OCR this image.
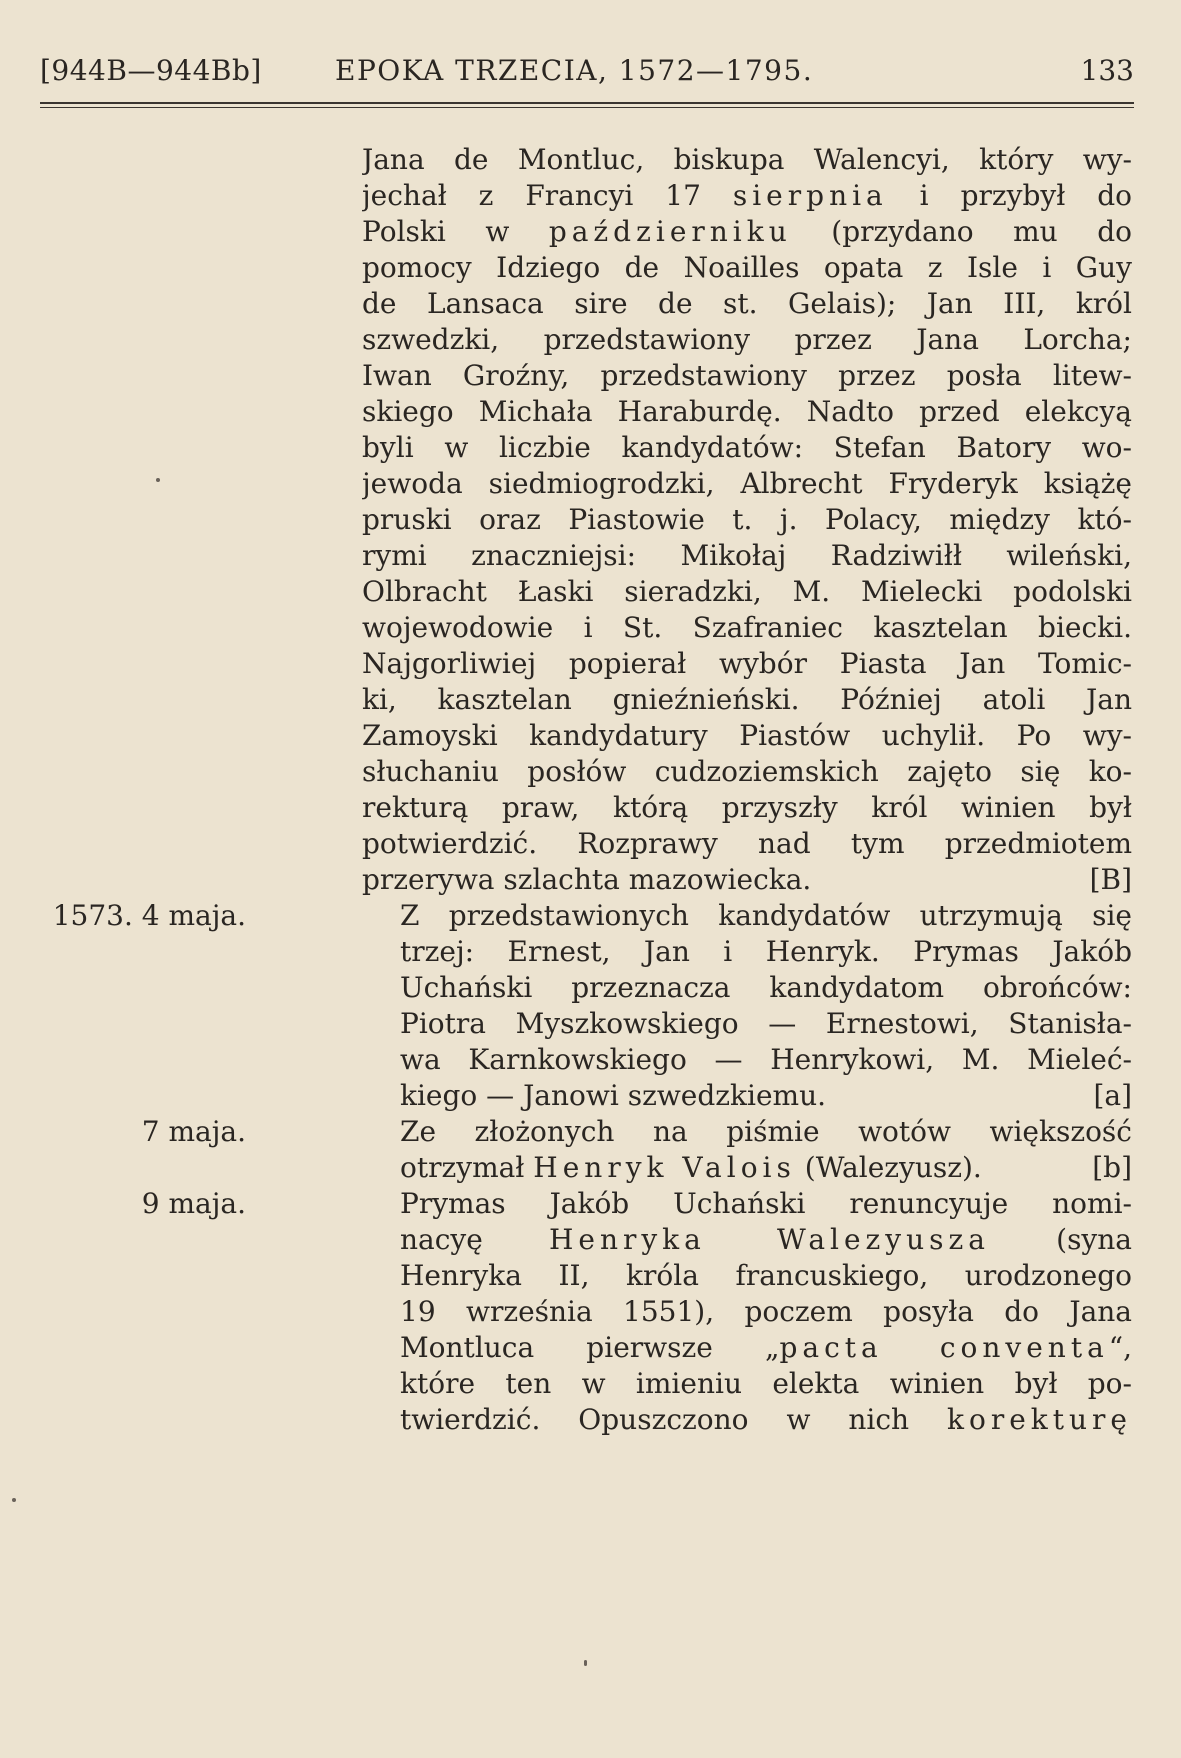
[944B—944Bb]	EPOKA TRZECIA, 1572—1795.	133
Jana de Montluc, biskupa Walencyi, który wy-
jechał z Francyi 17 sierpnia i przybył do
Polski w październiku (przydano mu do
pomocy Idziego de Noailles opata z Isle i Guy
de Lansaca sire de st. Gelais); Jan III, król
szwedzki, przedstawiony przez Jana Lorcha;
Iwan Groźny, przedstawiony przez posła litew-
skiego Michała Haraburdę. Nadto przed elekcyą
byli w liczbie kandydatów: Stefan Batory wo-
jewoda siedmiogrodzki, Albrecht Fryderyk książę
pruski oraz Piastowie t. j. Polacy, między któ-
rymi znaczniejsi: Mikołaj Radziwiłł wileński,
Olbracht Łaski sieradzki, M. Mielecki podolski
wojewodowie i St. Szafraniec kasztelan biecki.
Najgorliwiej popierał wybór Piasta Jan Tomic-
ki, kasztelan gnieźnieński. Później atoli Jan
Zamoyski kandydatury Piastów uchylił. Po wy-
słuchaniu posłów cudzoziemskich zajęto się ko-
rekturą praw, którą przyszły król winien był
potwierdzić. Rozprawy nad tym przedmiotem
przerywa szlachta mazowiecka.	[B]
1573. 4 maja.	Z przedstawionych kandydatów utrzymują się
trzej: Ernest, Jan i Henryk. Prymas Jakób
Uchański przeznacza kandydatom obrońców:
Piotra Myszkowskiego — Ernestowi, Stanisła-
wa Karnkowskiego — Henrykowi, M. Mieleć-
kiego — Janowi szwedzkiemu.	[a]
7 maja.	Ze złożonych na piśmie wotów większość
otrzymał Henryk Valois (Walezyusz).	[b]
9 maja.	Prymas Jakób Uchański renuncyuje nomi-
nacyę Henryka Walezyusza (syna
Henryka II, króla francuskiego, urodzonego
19 września 1551), poczem posyła do Jana
Montluca pierwsze „pacta conventa“,
które ten w imieniu elekta winien był po-
twierdzić. Opuszczono w nich korekturę
